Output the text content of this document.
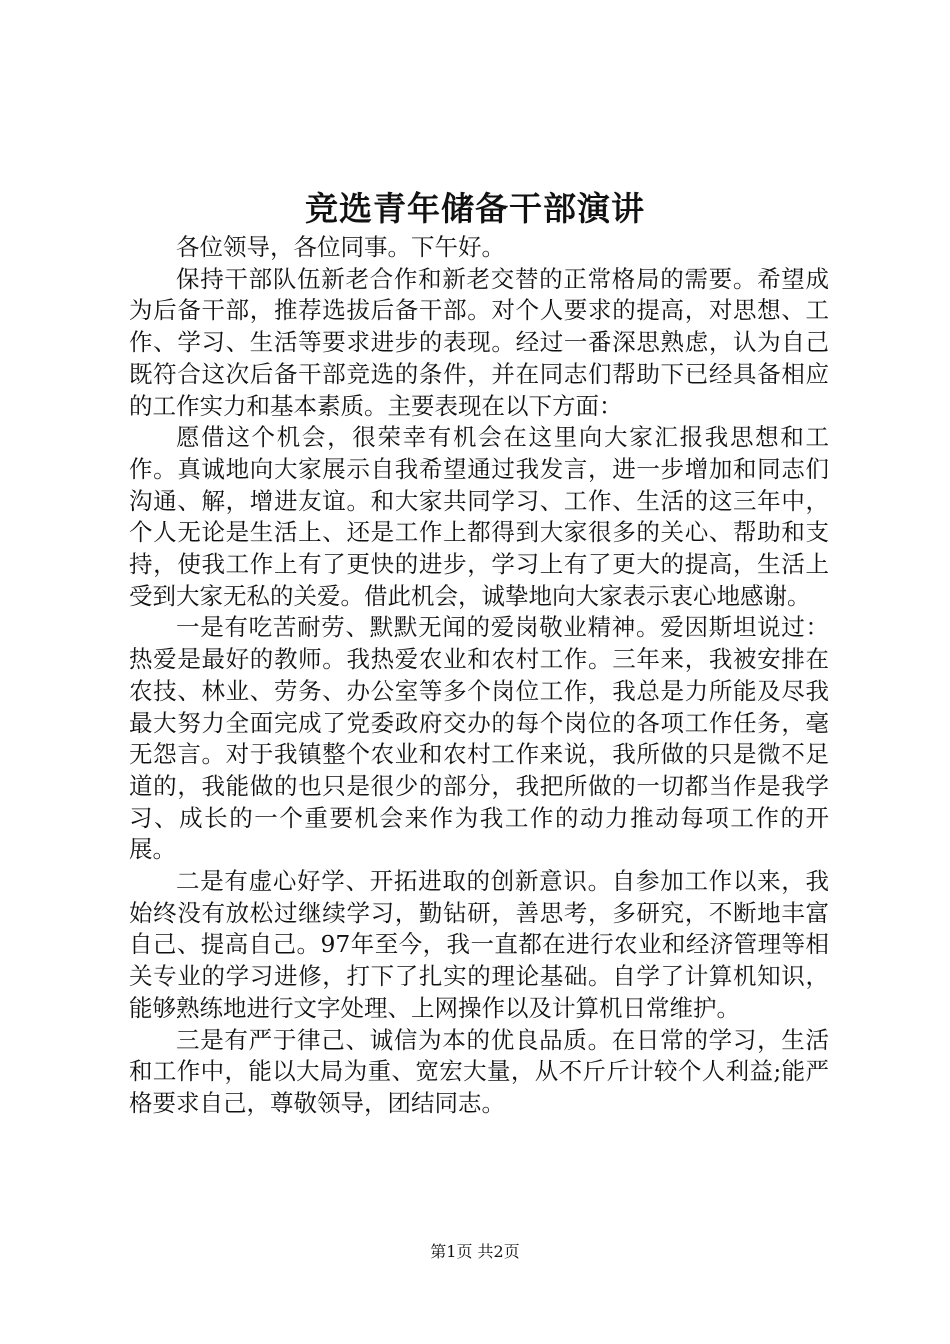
竞选青年储备干部演讲

各位领导，各位同事。下午好。

保持干部队伍新老合作和新老交替的正常格局的需要。希望成为后备干部，推荐选拔后备干部。对个人要求的提高，对思想、工作、学习、生活等要求进步的表现。经过一番深思熟虑，认为自己既符合这次后备干部竞选的条件，并在同志们帮助下已经具备相应的工作实力和基本素质。主要表现在以下方面：

愿借这个机会，很荣幸有机会在这里向大家汇报我思想和工作。真诚地向大家展示自我希望通过我发言，进一步增加和同志们沟通、解，增进友谊。和大家共同学习、工作、生活的这三年中，个人无论是生活上、还是工作上都得到大家很多的关心、帮助和支持，使我工作上有了更快的进步，学习上有了更大的提高，生活上受到大家无私的关爱。借此机会，诚挚地向大家表示衷心地感谢。

一是有吃苦耐劳、默默无闻的爱岗敬业精神。爱因斯坦说过：热爱是最好的教师。我热爱农业和农村工作。三年来，我被安排在农技、林业、劳务、办公室等多个岗位工作，我总是力所能及尽我最大努力全面完成了党委政府交办的每个岗位的各项工作任务，毫无怨言。对于我镇整个农业和农村工作来说，我所做的只是微不足道的，我能做的也只是很少的部分，我把所做的一切都当作是我学习、成长的一个重要机会来作为我工作的动力推动每项工作的开展。

二是有虚心好学、开拓进取的创新意识。自参加工作以来，我始终没有放松过继续学习，勤钻研，善思考，多研究，不断地丰富自己、提高自己。97年至今，我一直都在进行农业和经济管理等相关专业的学习进修，打下了扎实的理论基础。自学了计算机知识，能够熟练地进行文字处理、上网操作以及计算机日常维护。

三是有严于律己、诚信为本的优良品质。在日常的学习，生活和工作中，能以大局为重、宽宏大量，从不斤斤计较个人利益;能严格要求自己，尊敬领导，团结同志。

第1页 共2页
